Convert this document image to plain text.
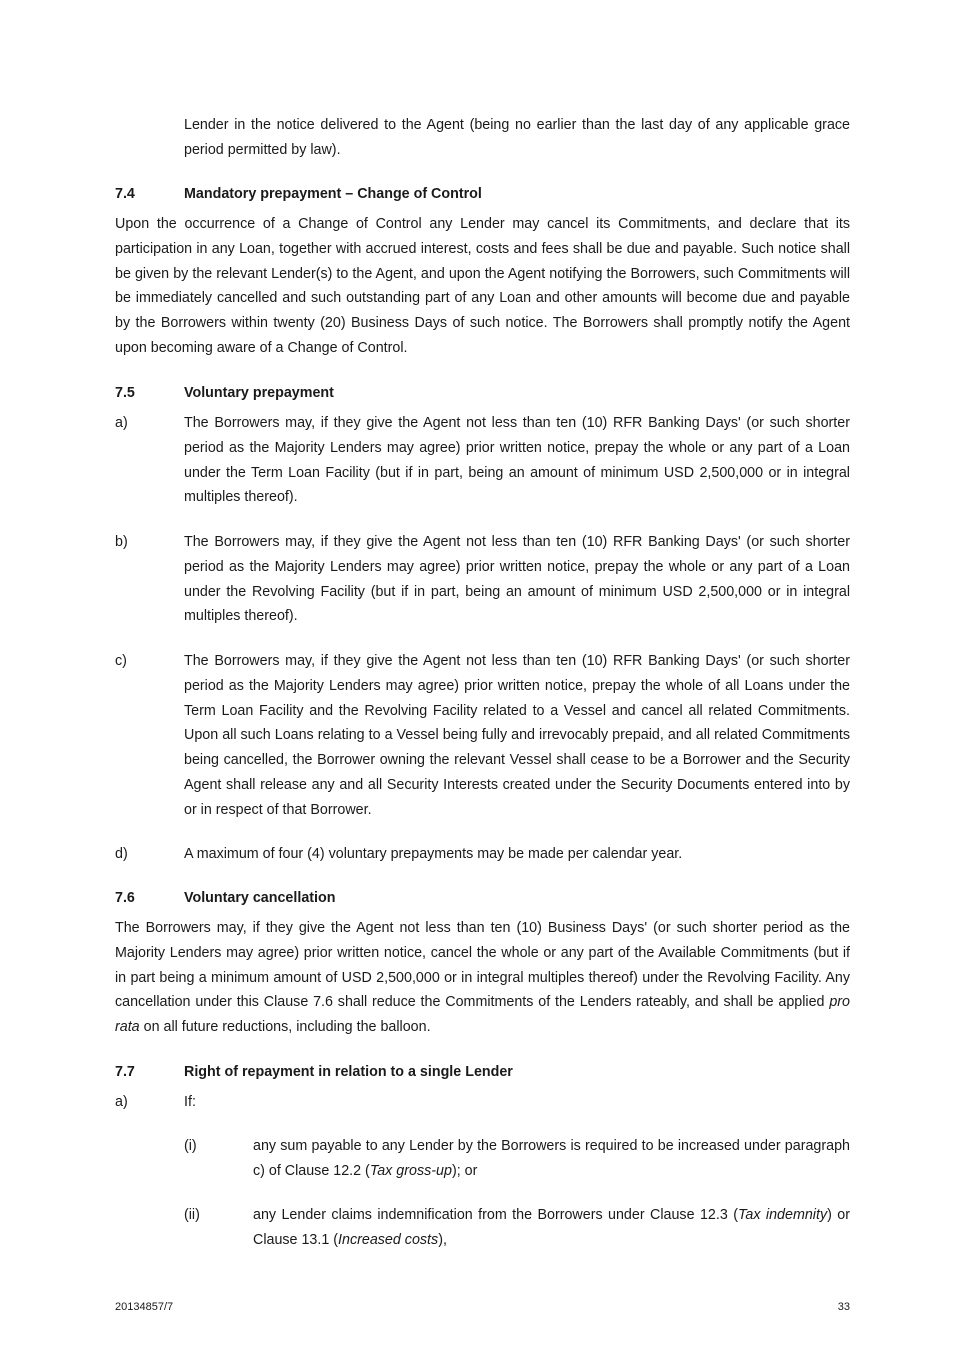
Lender in the notice delivered to the Agent (being no earlier than the last day of any applicable grace period permitted by law).
7.4	Mandatory prepayment – Change of Control
Upon the occurrence of a Change of Control any Lender may cancel its Commitments, and declare that its participation in any Loan, together with accrued interest, costs and fees shall be due and payable. Such notice shall be given by the relevant Lender(s) to the Agent, and upon the Agent notifying the Borrowers, such Commitments will be immediately cancelled and such outstanding part of any Loan and other amounts will become due and payable by the Borrowers within twenty (20) Business Days of such notice. The Borrowers shall promptly notify the Agent upon becoming aware of a Change of Control.
7.5	Voluntary prepayment
a)	The Borrowers may, if they give the Agent not less than ten (10) RFR Banking Days' (or such shorter period as the Majority Lenders may agree) prior written notice, prepay the whole or any part of a Loan under the Term Loan Facility (but if in part, being an amount of minimum USD 2,500,000 or in integral multiples thereof).
b)	The Borrowers may, if they give the Agent not less than ten (10) RFR Banking Days' (or such shorter period as the Majority Lenders may agree) prior written notice, prepay the whole or any part of a Loan under the Revolving Facility (but if in part, being an amount of minimum USD 2,500,000 or in integral multiples thereof).
c)	The Borrowers may, if they give the Agent not less than ten (10) RFR Banking Days' (or such shorter period as the Majority Lenders may agree) prior written notice, prepay the whole of all Loans under the Term Loan Facility and the Revolving Facility related to a Vessel and cancel all related Commitments. Upon all such Loans relating to a Vessel being fully and irrevocably prepaid, and all related Commitments being cancelled, the Borrower owning the relevant Vessel shall cease to be a Borrower and the Security Agent shall release any and all Security Interests created under the Security Documents entered into by or in respect of that Borrower.
d)	A maximum of four (4) voluntary prepayments may be made per calendar year.
7.6	Voluntary cancellation
The Borrowers may, if they give the Agent not less than ten (10) Business Days' (or such shorter period as the Majority Lenders may agree) prior written notice, cancel the whole or any part of the Available Commitments (but if in part being a minimum amount of USD 2,500,000 or in integral multiples thereof) under the Revolving Facility. Any cancellation under this Clause 7.6 shall reduce the Commitments of the Lenders rateably, and shall be applied pro rata on all future reductions, including the balloon.
7.7	Right of repayment in relation to a single Lender
a)	If:
(i)	any sum payable to any Lender by the Borrowers is required to be increased under paragraph c) of Clause 12.2 (Tax gross-up); or
(ii)	any Lender claims indemnification from the Borrowers under Clause 12.3 (Tax indemnity) or Clause 13.1 (Increased costs),
20134857/7	33
